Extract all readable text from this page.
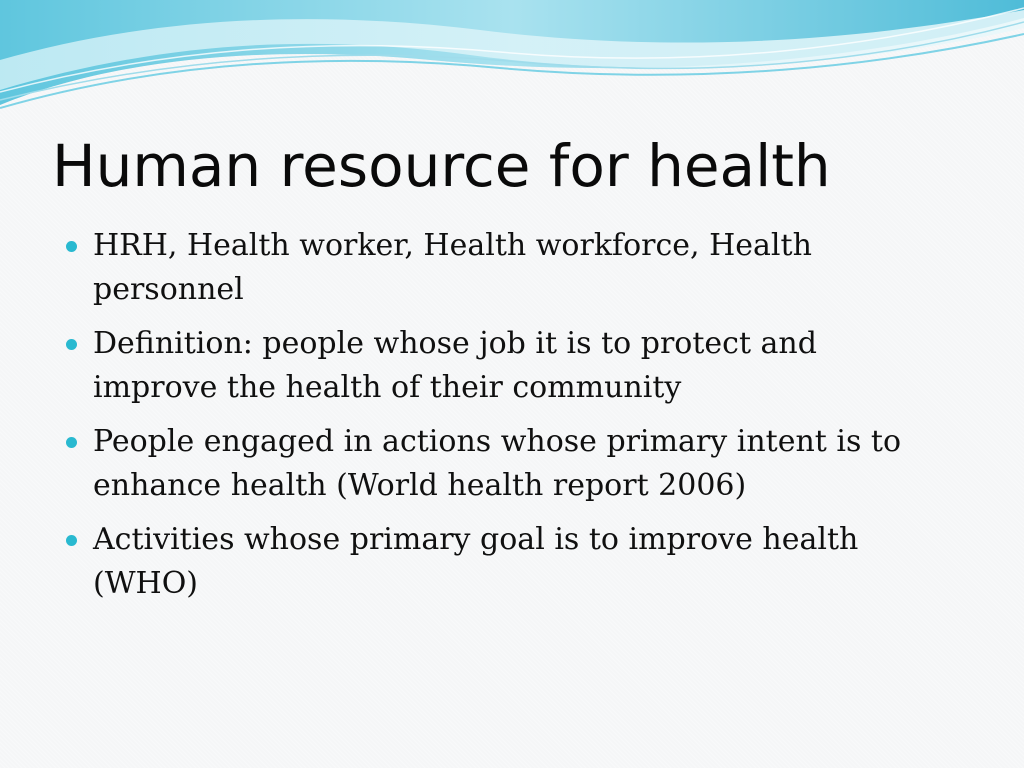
Human resource for health
HRH, Health worker, Health workforce, Health personnel
Definition: people whose job it is to protect and improve the health of their community
People engaged in actions whose primary intent is to enhance health (World health report 2006)
Activities whose primary goal is to improve health (WHO)
